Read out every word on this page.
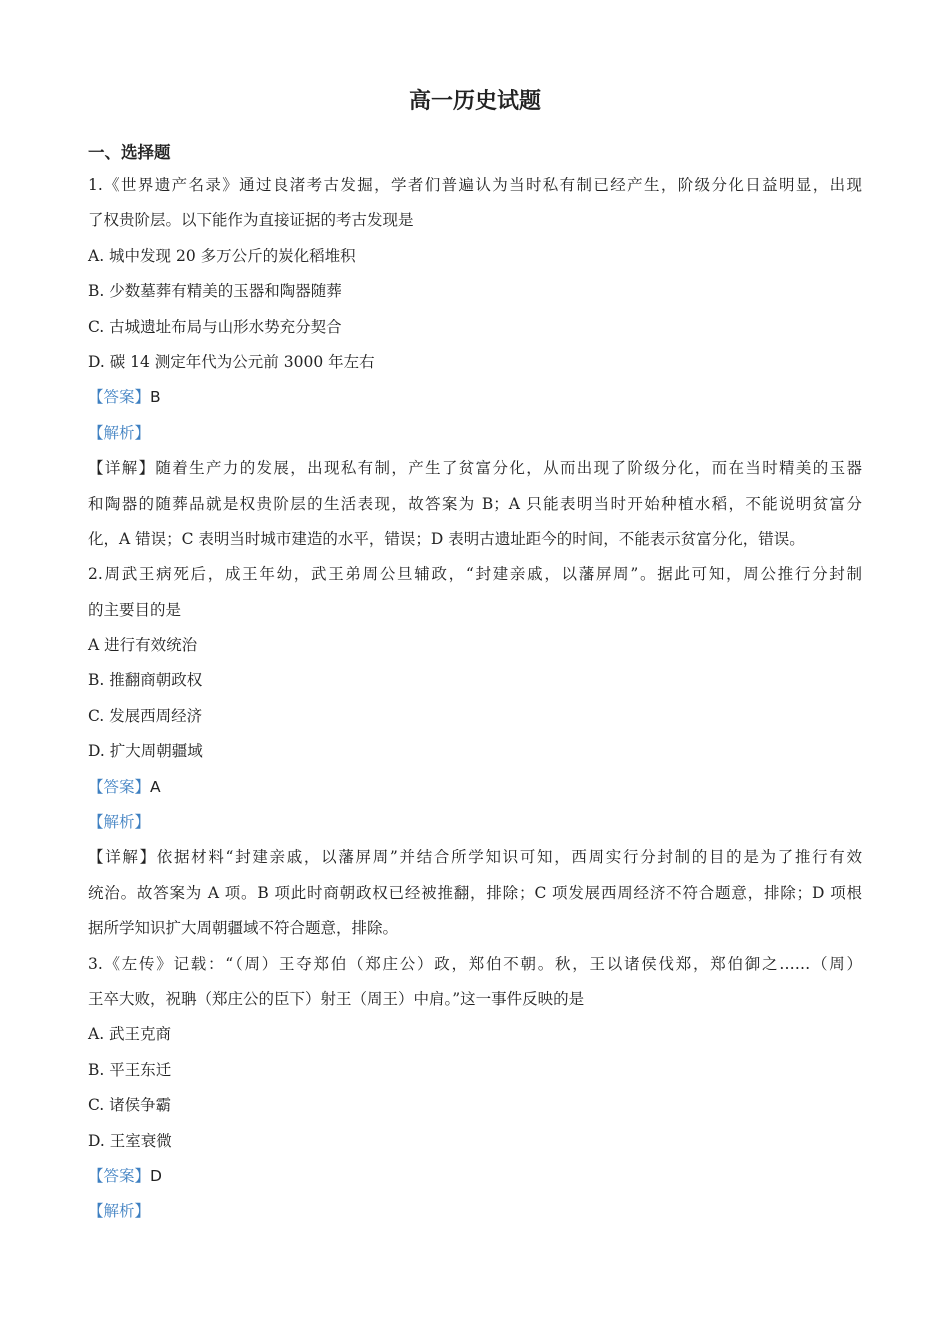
高一历史试题
一、选择题
1.《世界遗产名录》通过良渚考古发掘，学者们普遍认为当时私有制已经产生，阶级分化日益明显，出现
了权贵阶层。以下能作为直接证据的考古发现是
A. 城中发现 20 多万公斤的炭化稻堆积
B. 少数墓葬有精美的玉器和陶器随葬
C. 古城遗址布局与山形水势充分契合
D. 碳 14 测定年代为公元前 3000 年左右
【答案】B
【解析】
【详解】随着生产力的发展，出现私有制，产生了贫富分化，从而出现了阶级分化，而在当时精美的玉器
和陶器的随葬品就是权贵阶层的生活表现，故答案为 B；A 只能表明当时开始种植水稻，不能说明贫富分
化，A 错误；C 表明当时城市建造的水平，错误；D 表明古遗址距今的时间，不能表示贫富分化，错误。
2.周武王病死后，成王年幼，武王弟周公旦辅政，“封建亲戚，以藩屏周”。据此可知，周公推行分封制
的主要目的是
A 进行有效统治
B. 推翻商朝政权
C. 发展西周经济
D. 扩大周朝疆域
【答案】A
【解析】
【详解】依据材料“封建亲戚，以藩屏周”并结合所学知识可知，西周实行分封制的目的是为了推行有效
统治。故答案为 A 项。B 项此时商朝政权已经被推翻，排除；C 项发展西周经济不符合题意，排除；D 项根
据所学知识扩大周朝疆域不符合题意，排除。
3.《左传》记载：“（周）王夺郑伯（郑庄公）政，郑伯不朝。秋，王以诸侯伐郑，郑伯御之……（周）
王卒大败，祝聃（郑庄公的臣下）射王（周王）中肩。”这一事件反映的是
A. 武王克商
B. 平王东迁
C. 诸侯争霸
D. 王室衰微
【答案】D
【解析】
